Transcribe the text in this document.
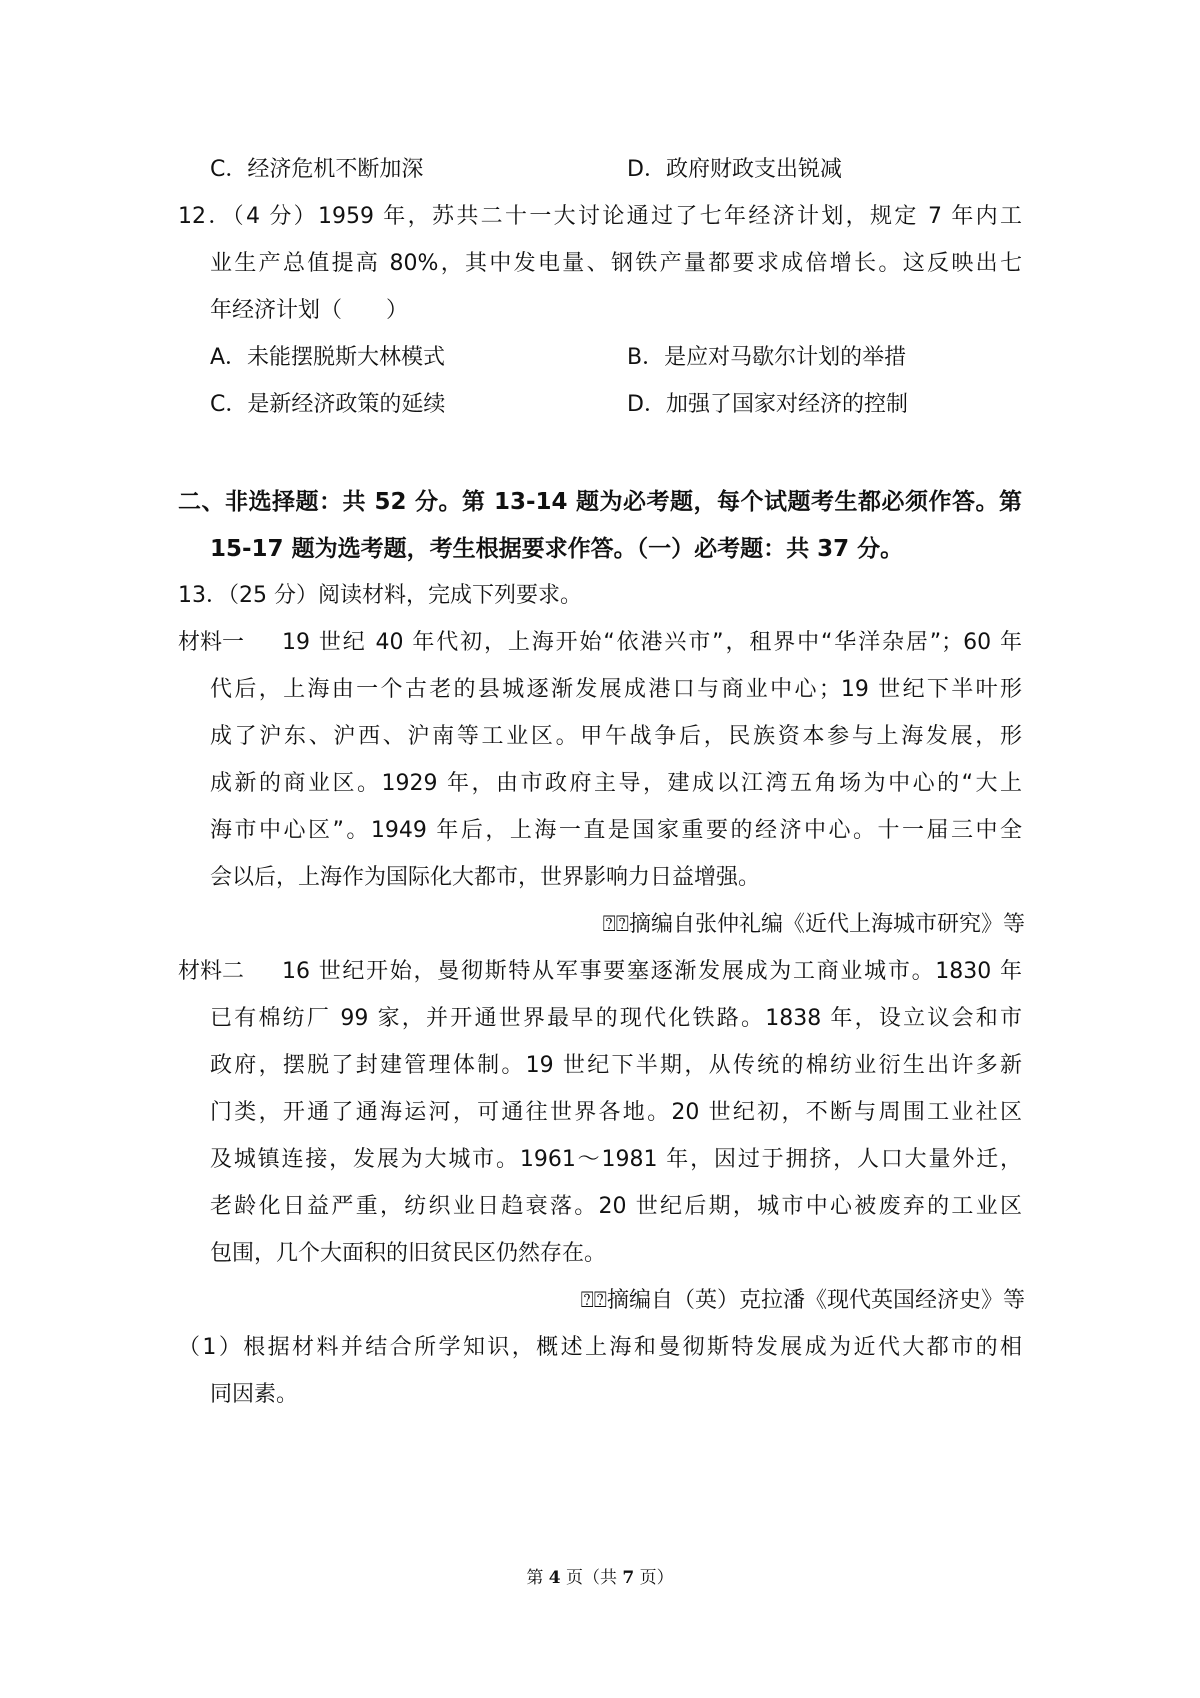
C．经济危机不断加深	D．政府财政支出锐减
12．（4 分）1959 年，苏共二十一大讨论通过了七年经济计划，规定 7 年内工
业生产总值提高 80%，其中发电量、钢铁产量都要求成倍增长。这反映出七
年经济计划（　　）
A．未能摆脱斯大林模式	B．是应对马歇尔计划的举措
C．是新经济政策的延续	D．加强了国家对经济的控制
二、非选择题：共 52 分。第 13-14 题为必考题，每个试题考生都必须作答。第
15-17 题为选考题，考生根据要求作答。（一）必考题：共 37 分。
13．（25 分）阅读材料，完成下列要求。
材料一 19 世纪 40 年代初，上海开始“依港兴市”，租界中“华洋杂居”；60 年
代后，上海由一个古老的县城逐渐发展成港口与商业中心；19 世纪下半叶形
成了沪东、沪西、沪南等工业区。甲午战争后，民族资本参与上海发展，形
成新的商业区。1929 年，由市政府主导，建成以江湾五角场为中心的“大上
海市中心区”。1949 年后，上海一直是国家重要的经济中心。十一届三中全
会以后，上海作为国际化大都市，世界影响力日益增强。
⍰⍰摘编自张仲礼编《近代上海城市研究》等
材料二 16 世纪开始，曼彻斯特从军事要塞逐渐发展成为工商业城市。1830 年
已有棉纺厂 99 家，并开通世界最早的现代化铁路。1838 年，设立议会和市
政府，摆脱了封建管理体制。19 世纪下半期，从传统的棉纺业衍生出许多新
门类，开通了通海运河，可通往世界各地。20 世纪初，不断与周围工业社区
及城镇连接，发展为大城市。1961～1981 年，因过于拥挤，人口大量外迁，
老龄化日益严重，纺织业日趋衰落。20 世纪后期，城市中心被废弃的工业区
包围，几个大面积的旧贫民区仍然存在。
⍰⍰摘编自（英）克拉潘《现代英国经济史》等
（1）根据材料并结合所学知识，概述上海和曼彻斯特发展成为近代大都市的相
同因素。
第 4 页（共 7 页）
